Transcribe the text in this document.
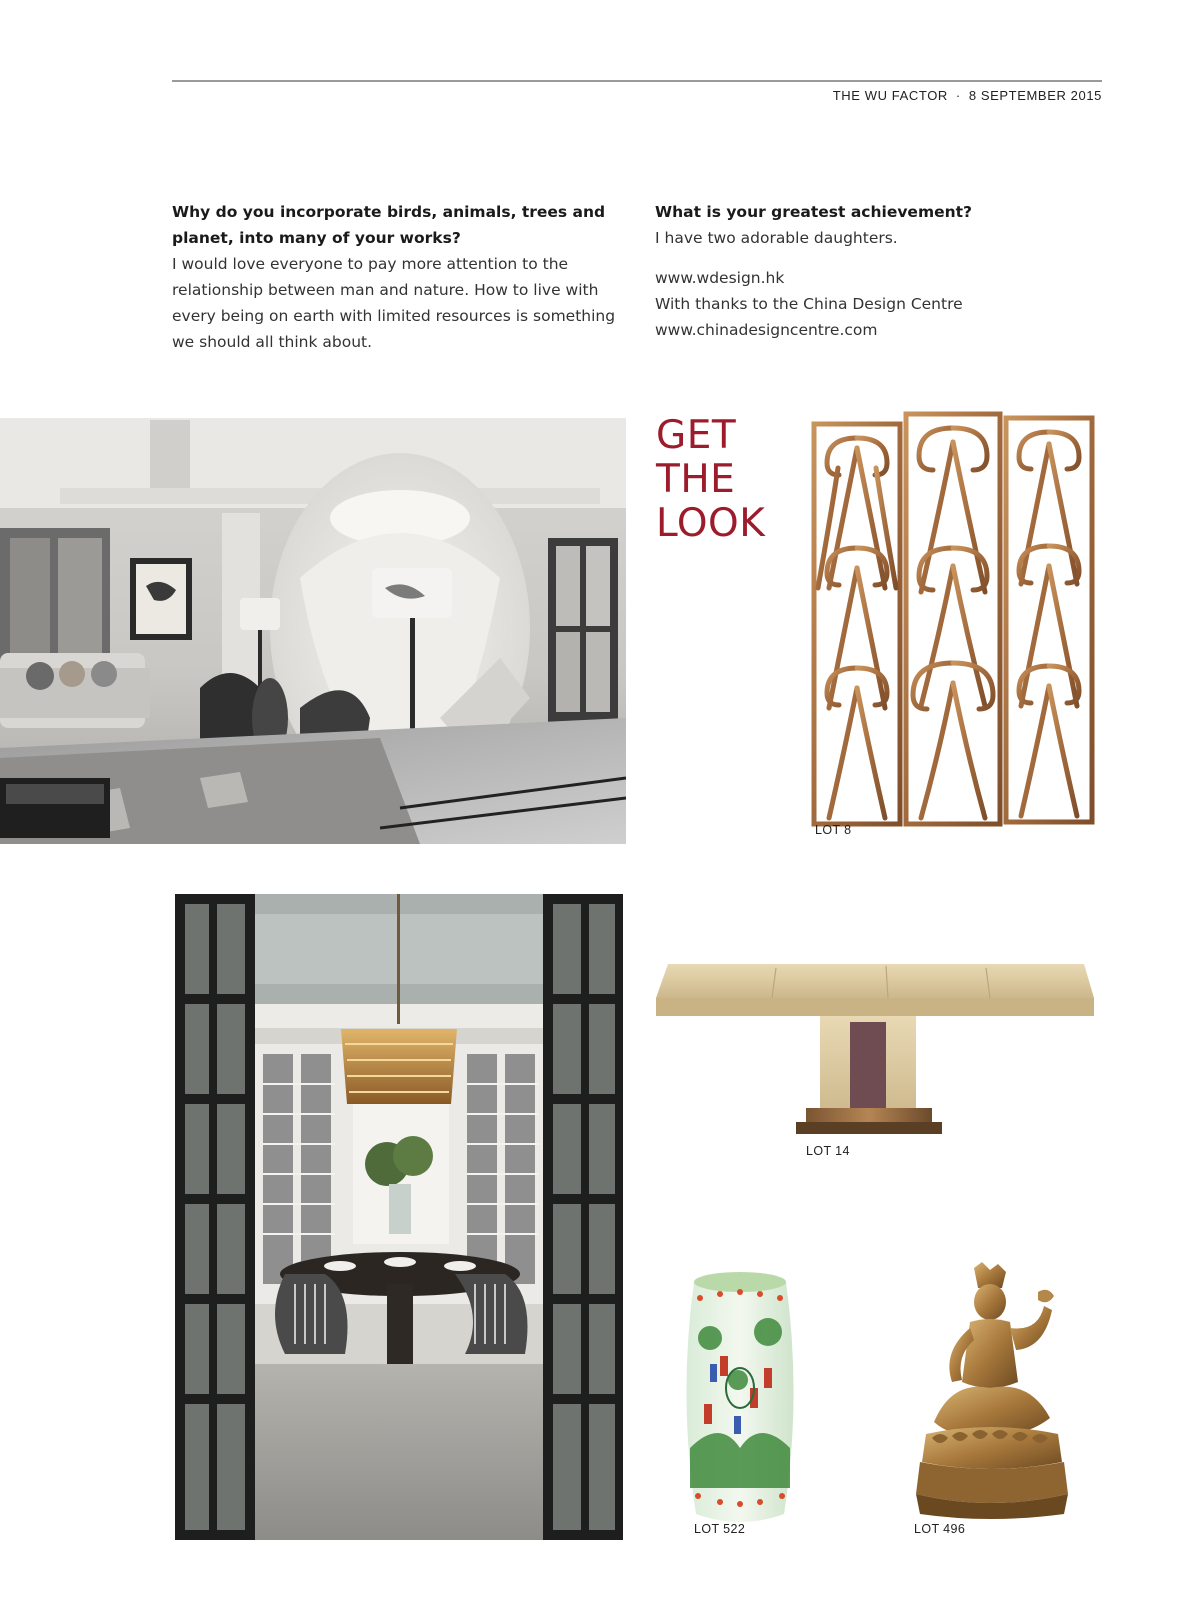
THE WU FACTOR · 8 SEPTEMBER 2015
Why do you incorporate birds, animals, trees and planet, into many of your works?
I would love everyone to pay more attention to the relationship between man and nature. How to live with every being on earth with limited resources is something we should all think about.
What is your greatest achievement?
I have two adorable daughters.
www.wdesign.hk
With thanks to the China Design Centre
www.chinadesigncentre.com
GET
THE
LOOK
LOT 8
LOT 14
LOT 522	LOT 496
